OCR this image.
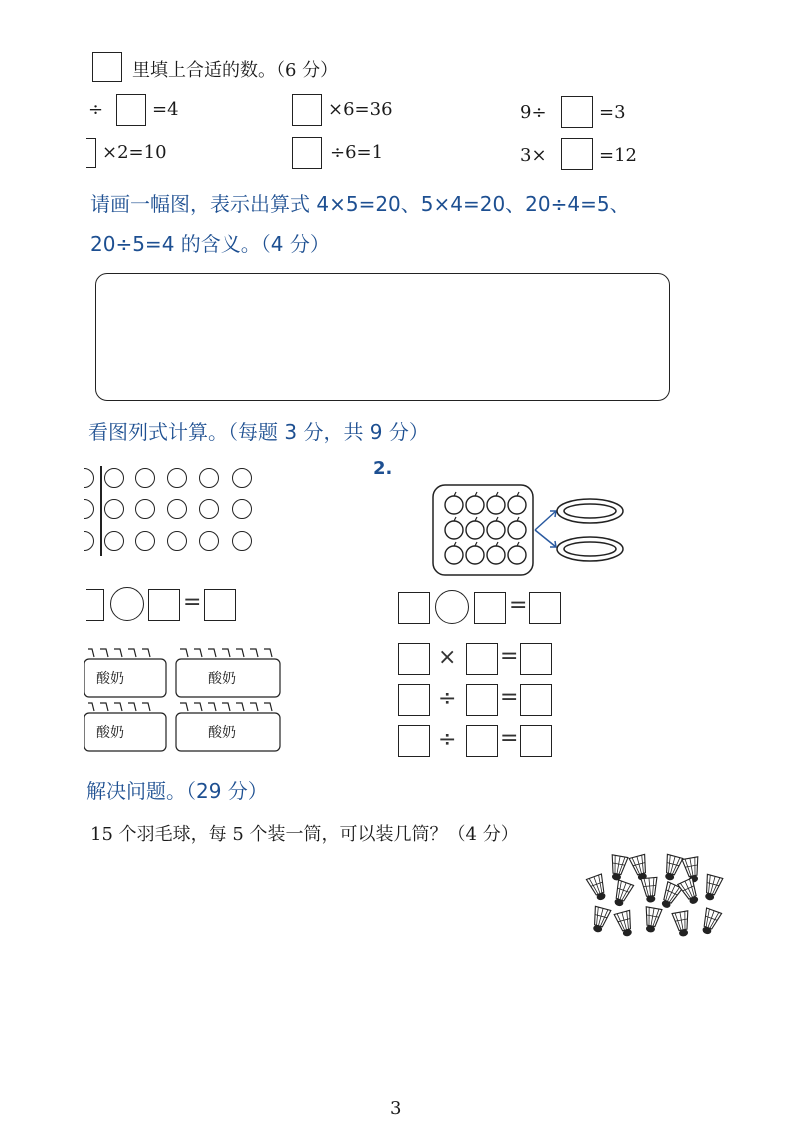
里填上合适的数。（6 分）
÷	=4	×6=36	9÷	=3
×2=10	÷6=1	3×	=12
请画一幅图，表示出算式 4×5=20、5×4=20、20÷4=5、
20÷5=4 的含义。（4 分）
看图列式计算。（每题 3 分，共 9 分）
2.
=	=
酸奶	酸奶
酸奶	酸奶
× =
÷ =
÷ =
解决问题。（29 分）
15 个羽毛球，每 5 个装一筒，可以装几筒？（4 分）
3
